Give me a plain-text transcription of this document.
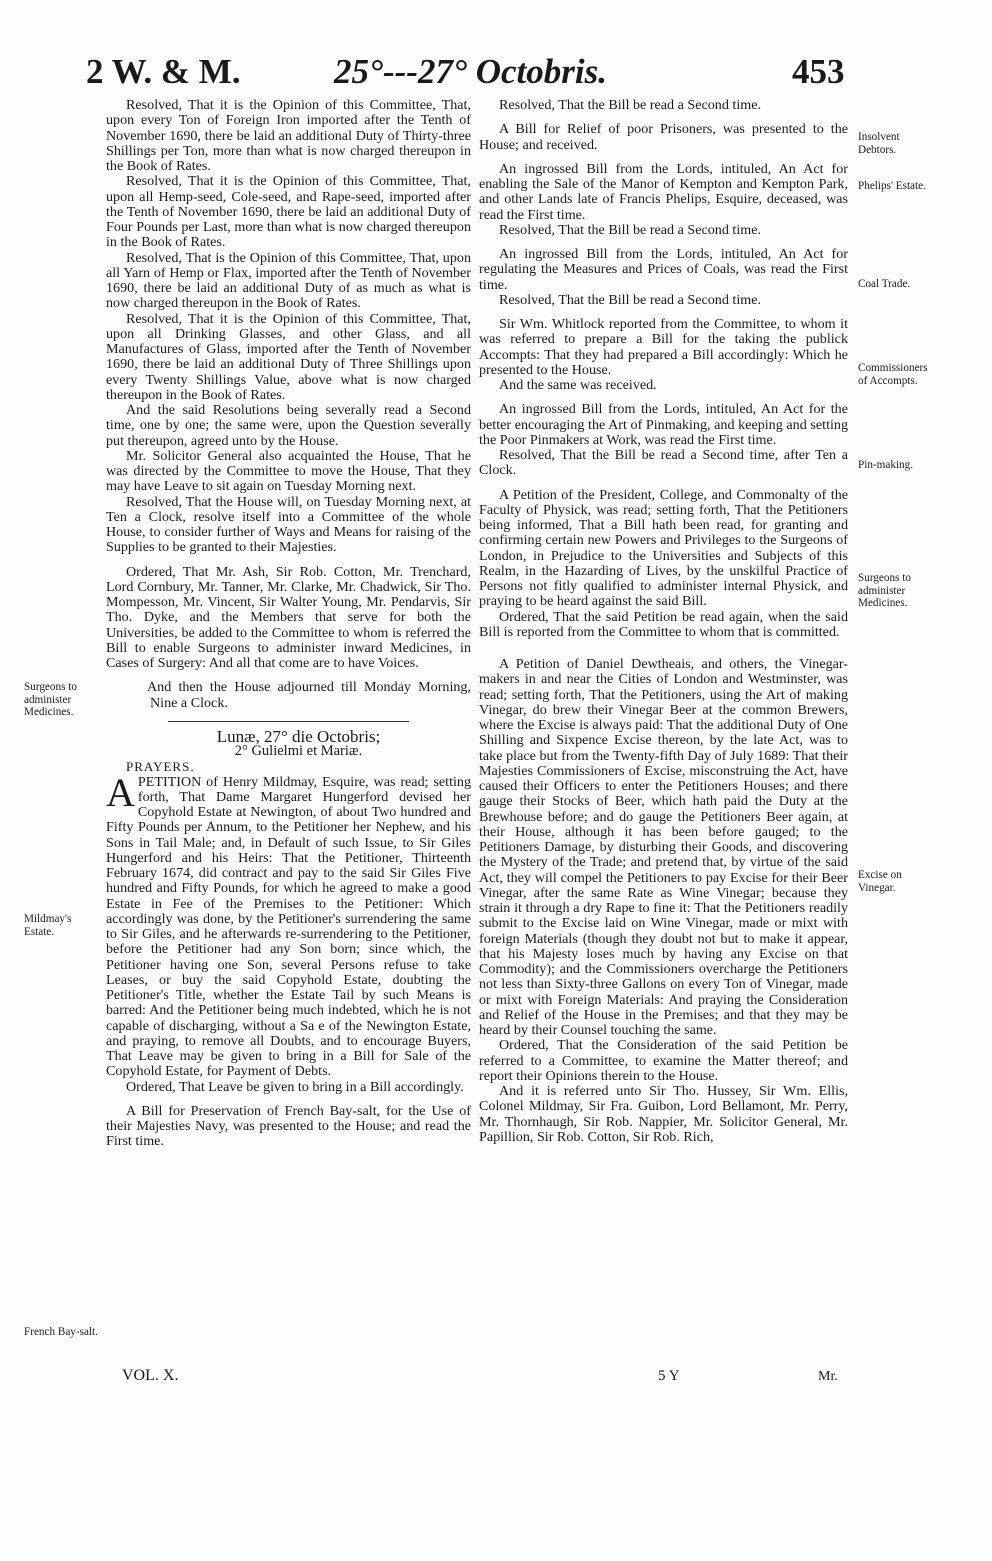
2 W. & M.	25°---27° Octobris.	453
Surgeons to administer Medicines.
Mildmay's Estate.
French Bay-salt.
Insolvent Debtors.
Phelips' Estate.
Coal Trade.
Commissioners of Accompts.
Pin-making.
Surgeons to administer Medicines.
Excise on Vinegar.

Resolved, That it is the Opinion of this Committee, That, upon every Ton of Foreign Iron imported after the Tenth of November 1690, there be laid an additional Duty of Thirty-three Shillings per Ton, more than what is now charged thereupon in the Book of Rates.

Resolved, That it is the Opinion of this Committee, That, upon all Hemp-seed, Cole-seed, and Rape-seed, imported after the Tenth of November 1690, there be laid an additional Duty of Four Pounds per Last, more than what is now charged thereupon in the Book of Rates.

Resolved, That is the Opinion of this Committee, That, upon all Yarn of Hemp or Flax, imported after the Tenth of November 1690, there be laid an additional Duty of as much as what is now charged thereupon in the Book of Rates.

Resolved, That it is the Opinion of this Committee, That, upon all Drinking Glasses, and other Glass, and all Manufactures of Glass, imported after the Tenth of November 1690, there be laid an additional Duty of Three Shillings upon every Twenty Shillings Value, above what is now charged thereupon in the Book of Rates.

And the said Resolutions being severally read a Second time, one by one; the same were, upon the Question severally put thereupon, agreed unto by the House.

Mr. Solicitor General also acquainted the House, That he was directed by the Committee to move the House, That they may have Leave to sit again on Tuesday Morning next.

Resolved, That the House will, on Tuesday Morning next, at Ten a Clock, resolve itself into a Committee of the whole House, to consider further of Ways and Means for raising of the Supplies to be granted to their Majesties.

Ordered, That Mr. Ash, Sir Rob. Cotton, Mr. Trenchard, Lord Cornbury, Mr. Tanner, Mr. Clarke, Mr. Chadwick, Sir Tho. Mompesson, Mr. Vincent, Sir Walter Young, Mr. Pendarvis, Sir Tho. Dyke, and the Members that serve for both the Universities, be added to the Committee to whom is referred the Bill to enable Surgeons to administer inward Medicines, in Cases of Surgery: And all that come are to have Voices.

And then the House adjourned till Monday Morning, Nine a Clock.

Lunæ, 27° die Octobris;

2° Gulielmi et Mariæ.

PRAYERS.

APETITION of Henry Mildmay, Esquire, was read; setting forth, That Dame Margaret Hungerford devised her Copyhold Estate at Newington, of about Two hundred and Fifty Pounds per Annum, to the Petitioner her Nephew, and his Sons in Tail Male; and, in Default of such Issue, to Sir Giles Hungerford and his Heirs: That the Petitioner, Thirteenth February 1674, did contract and pay to the said Sir Giles Five hundred and Fifty Pounds, for which he agreed to make a good Estate in Fee of the Premises to the Petitioner: Which accordingly was done, by the Petitioner's surrendering the same to Sir Giles, and he afterwards re-surrendering to the Petitioner, before the Petitioner had any Son born; since which, the Petitioner having one Son, several Persons refuse to take Leases, or buy the said Copyhold Estate, doubting the Petitioner's Title, whether the Estate Tail by such Means is barred: And the Petitioner being much indebted, which he is not capable of discharging, without a Sa e of the Newington Estate, and praying, to remove all Doubts, and to encourage Buyers, That Leave may be given to bring in a Bill for Sale of the Copyhold Estate, for Payment of Debts.

Ordered, That Leave be given to bring in a Bill accordingly.

A Bill for Preservation of French Bay-salt, for the Use of their Majesties Navy, was presented to the House; and read the First time.

Resolved, That the Bill be read a Second time.

A Bill for Relief of poor Prisoners, was presented to the House; and received.

An ingrossed Bill from the Lords, intituled, An Act for enabling the Sale of the Manor of Kempton and Kempton Park, and other Lands late of Francis Phelips, Esquire, deceased, was read the First time.

Resolved, That the Bill be read a Second time.

An ingrossed Bill from the Lords, intituled, An Act for regulating the Measures and Prices of Coals, was read the First time.

Resolved, That the Bill be read a Second time.

Sir Wm. Whitlock reported from the Committee, to whom it was referred to prepare a Bill for the taking the publick Accompts: That they had prepared a Bill accordingly: Which he presented to the House.

And the same was received.

An ingrossed Bill from the Lords, intituled, An Act for the better encouraging the Art of Pinmaking, and keeping and setting the Poor Pinmakers at Work, was read the First time.

Resolved, That the Bill be read a Second time, after Ten a Clock.

A Petition of the President, College, and Commonalty of the Faculty of Physick, was read; setting forth, That the Petitioners being informed, That a Bill hath been read, for granting and confirming certain new Powers and Privileges to the Surgeons of London, in Prejudice to the Universities and Subjects of this Realm, in the Hazarding of Lives, by the unskilful Practice of Persons not fitly qualified to administer internal Physick, and praying to be heard against the said Bill.

Ordered, That the said Petition be read again, when the said Bill is reported from the Committee to whom that is committed.

A Petition of Daniel Dewtheais, and others, the Vinegar-makers in and near the Cities of London and Westminster, was read; setting forth, That the Petitioners, using the Art of making Vinegar, do brew their Vinegar Beer at the common Brewers, where the Excise is always paid: That the additional Duty of One Shilling and Sixpence Excise thereon, by the late Act, was to take place but from the Twenty-fifth Day of July 1689: That their Majesties Commissioners of Excise, misconstruing the Act, have caused their Officers to enter the Petitioners Houses; and there gauge their Stocks of Beer, which hath paid the Duty at the Brewhouse before; and do gauge the Petitioners Beer again, at their House, although it has been before gauged; to the Petitioners Damage, by disturbing their Goods, and discovering the Mystery of the Trade; and pretend that, by virtue of the said Act, they will compel the Petitioners to pay Excise for their Beer Vinegar, after the same Rate as Wine Vinegar; because they strain it through a dry Rape to fine it: That the Petitioners readily submit to the Excise laid on Wine Vinegar, made or mixt with foreign Materials (though they doubt not but to make it appear, that his Majesty loses much by having any Excise on that Commodity); and the Commissioners overcharge the Petitioners not less than Sixty-three Gallons on every Ton of Vinegar, made or mixt with Foreign Materials: And praying the Consideration and Relief of the House in the Premises; and that they may be heard by their Counsel touching the same.

Ordered, That the Consideration of the said Petition be referred to a Committee, to examine the Matter thereof; and report their Opinions therein to the House.

And it is referred unto Sir Tho. Hussey, Sir Wm. Ellis, Colonel Mildmay, Sir Fra. Guibon, Lord Bellamont, Mr. Perry, Mr. Thornhaugh, Sir Rob. Nappier, Mr. Solicitor General, Mr. Papillion, Sir Rob. Cotton, Sir Rob. Rich,

VOL. X.	5 Y	Mr.
